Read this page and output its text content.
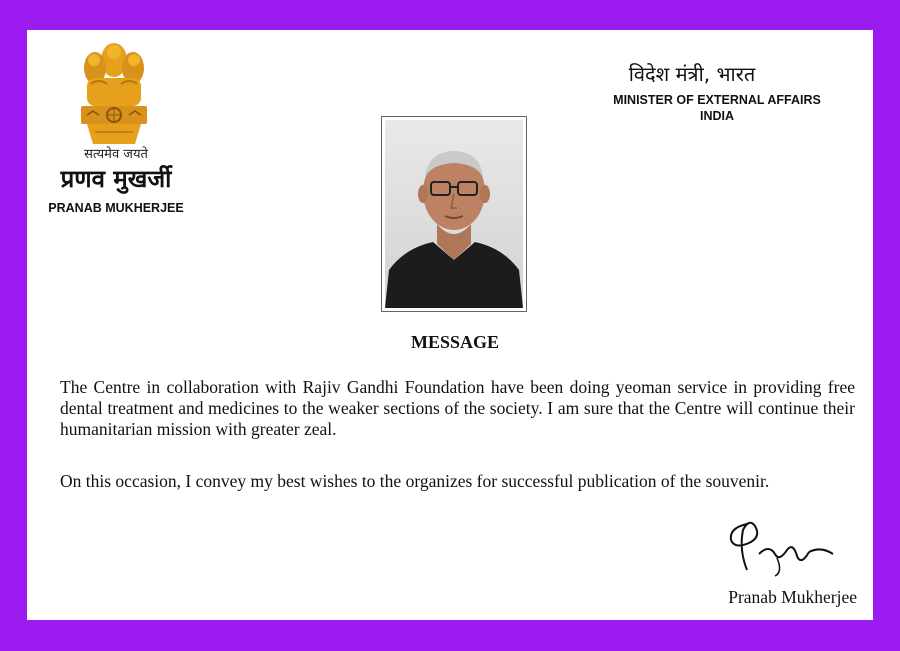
सत्यमेव जयते
प्रणव मुखर्जी
PRANAB MUKHERJEE
विदेश मंत्री, भारत
MINISTER OF EXTERNAL AFFAIRS
INDIA
MESSAGE

The Centre in collaboration with Rajiv Gandhi Foundation have been doing yeoman service in providing free dental treatment and medicines to the weaker sections of the society. I am sure that the Centre will continue their humanitarian mission with greater zeal.

On this occasion, I convey my best wishes to the organizes for successful publication of the souvenir.

Pranab Mukherjee
